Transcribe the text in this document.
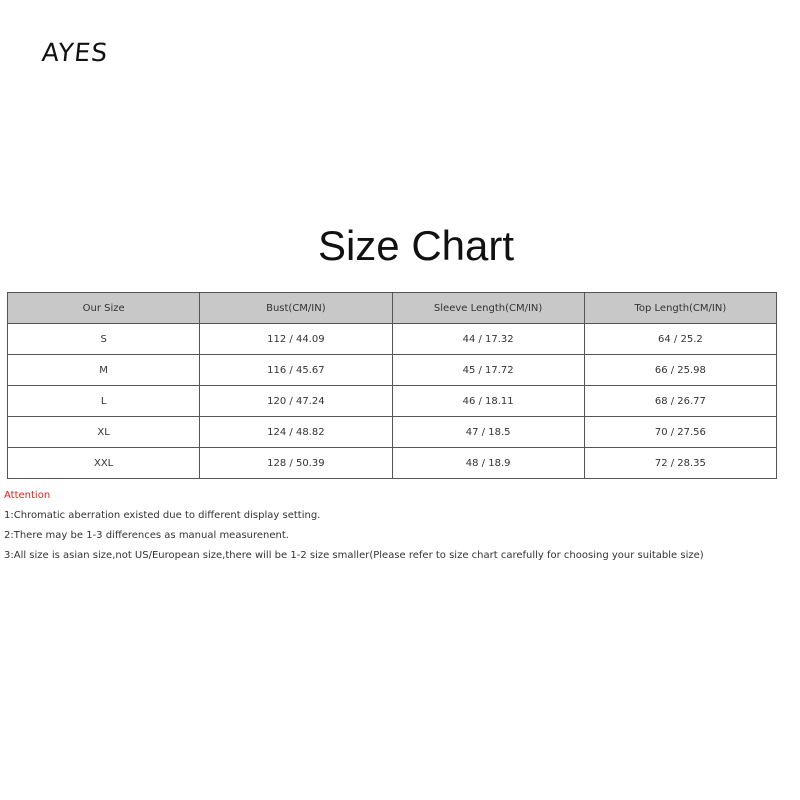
AYES
Size Chart
Our Size	Bust(CM/IN)	Sleeve Length(CM/IN)	Top Length(CM/IN)
S	112 / 44.09	44 / 17.32	64 / 25.2
M	116 / 45.67	45 / 17.72	66 / 25.98
L	120 / 47.24	46 / 18.11	68 / 26.77
XL	124 / 48.82	47 / 18.5	70 / 27.56
XXL	128 / 50.39	48 / 18.9	72 / 28.35
Attention
1:Chromatic aberration existed due to different display setting.
2:There may be 1-3 differences as manual measurenent.
3:All size is asian size,not US/European size,there will be 1-2 size smaller(Please refer to size chart carefully for choosing your suitable size)
